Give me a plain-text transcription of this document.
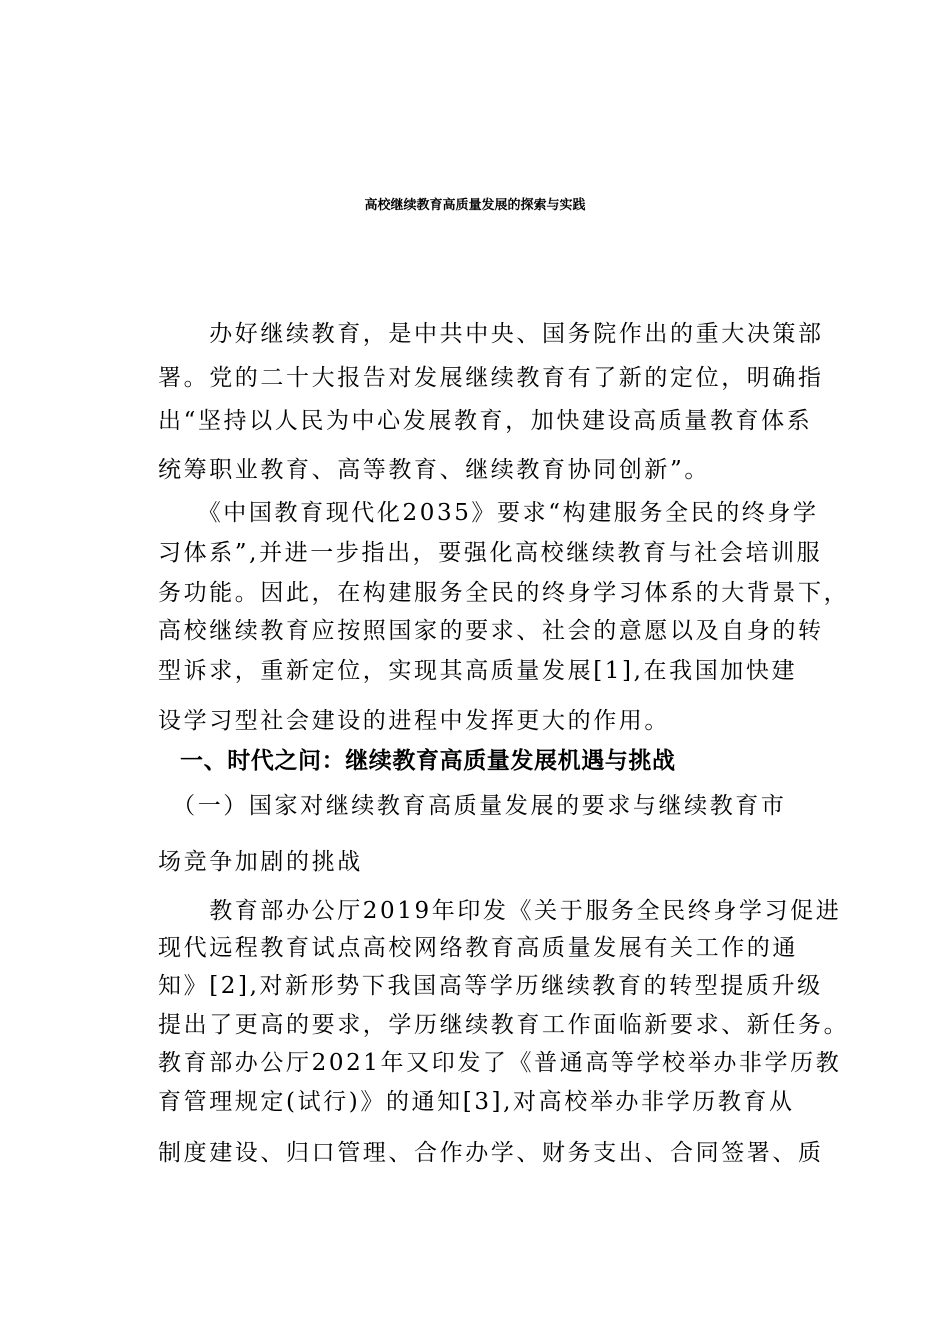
高校继续教育高质量发展的探索与实践
　　办好继续教育，是中共中央、国务院作出的重大决策部
署。党的二十大报告对发展继续教育有了新的定位，明确指
出“坚持以人民为中心发展教育，加快建设高质量教育体系
统筹职业教育、高等教育、继续教育协同创新”。
　　《中国教育现代化2035》要求“构建服务全民的终身学
习体系”,并进一步指出，要强化高校继续教育与社会培训服
务功能。因此，在构建服务全民的终身学习体系的大背景下，
高校继续教育应按照国家的要求、社会的意愿以及自身的转
型诉求，重新定位，实现其高质量发展[1],在我国加快建
设学习型社会建设的进程中发挥更大的作用。
一、时代之问：继续教育高质量发展机遇与挑战
　（一）国家对继续教育高质量发展的要求与继续教育市
场竞争加剧的挑战
　　教育部办公厅2019年印发《关于服务全民终身学习促进
现代远程教育试点高校网络教育高质量发展有关工作的通
知》[2],对新形势下我国高等学历继续教育的转型提质升级
提出了更高的要求，学历继续教育工作面临新要求、新任务。
教育部办公厅2021年又印发了《普通高等学校举办非学历教
育管理规定(试行)》的通知[3],对高校举办非学历教育从
制度建设、归口管理、合作办学、财务支出、合同签署、质
